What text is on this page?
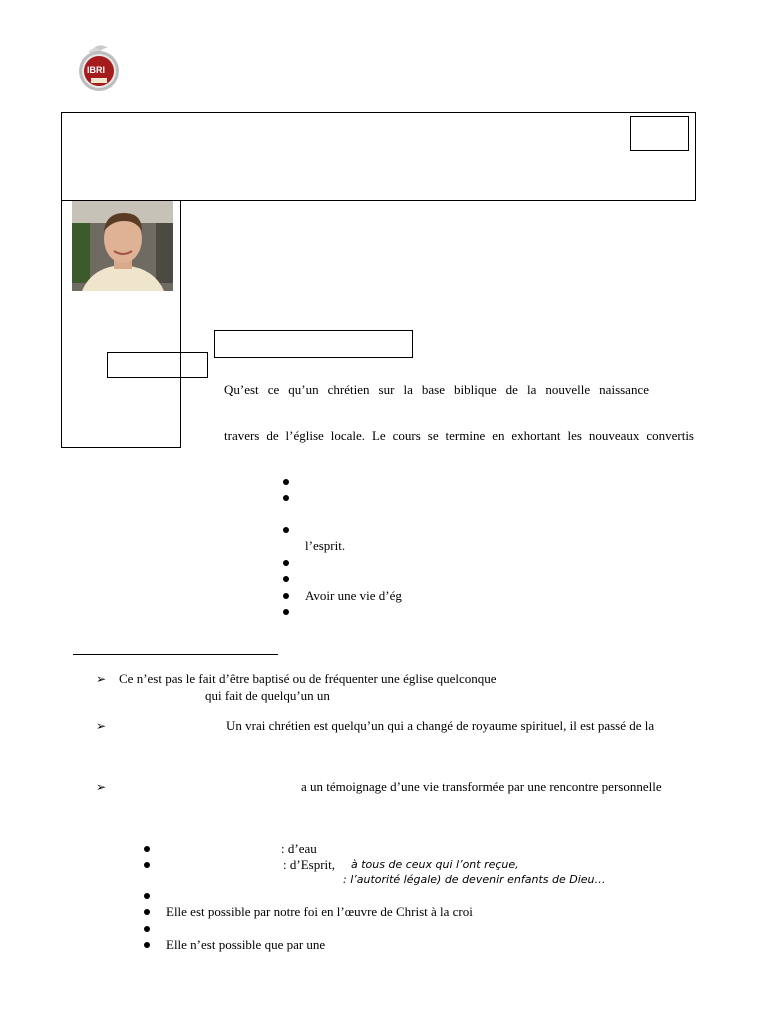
IBRI
Qu’est ce qu’un chrétien sur la base biblique de la nouvelle naissance
travers de l’église locale. Le cours se termine en exhortant les nouveaux convertis
l’esprit.
Avoir une vie d’ég
➢ Ce n’est pas le fait d’être baptisé ou de fréquenter une église quelconque
qui fait de quelqu’un un
➢	Un vrai chrétien est quelqu’un qui a changé de royaume spirituel, il est passé de la
➢	a un témoignage d’une vie transformée par une rencontre personnelle
: d’eau
: d’Esprit, à tous de ceux qui l’ont reçue,
: l’autorité légale) de devenir enfants de Dieu…
Elle est possible par notre foi en l’œuvre de Christ à la croi
Elle n’est possible que par une
